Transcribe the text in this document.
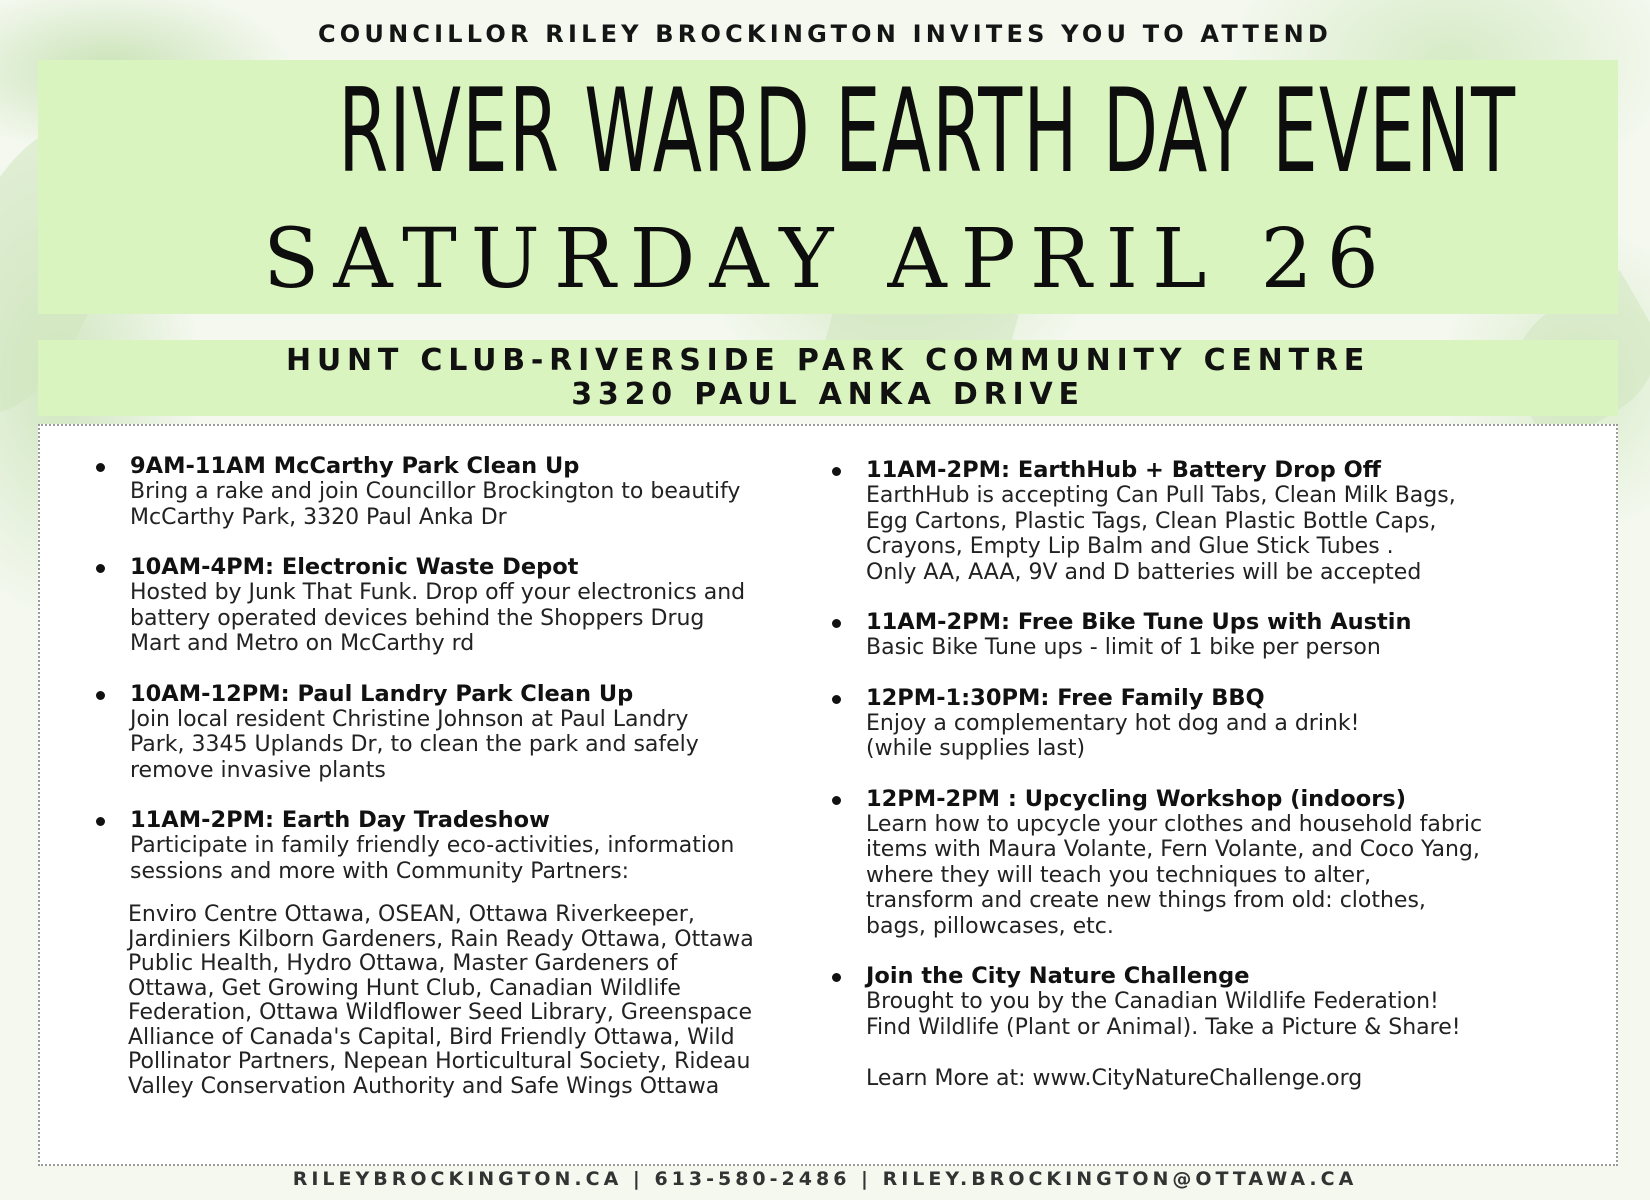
COUNCILLOR RILEY BROCKINGTON INVITES YOU TO ATTEND
RIVER WARD EARTH DAY EVENT
SATURDAY APRIL 26
HUNT CLUB-RIVERSIDE PARK COMMUNITY CENTRE
3320 PAUL ANKA DRIVE
9AM-11AM McCarthy Park Clean Up
Bring a rake and join Councillor Brockington to beautify
McCarthy Park, 3320 Paul Anka Dr
10AM-4PM: Electronic Waste Depot
Hosted by Junk That Funk. Drop off your electronics and
battery operated devices behind the Shoppers Drug
Mart and Metro on McCarthy rd
10AM-12PM: Paul Landry Park Clean Up
Join local resident Christine Johnson at Paul Landry
Park, 3345 Uplands Dr, to clean the park and safely
remove invasive plants
11AM-2PM: Earth Day Tradeshow
Participate in family friendly eco-activities, information
sessions and more with Community Partners:
Enviro Centre Ottawa, OSEAN, Ottawa Riverkeeper,
Jardiniers Kilborn Gardeners, Rain Ready Ottawa, Ottawa
Public Health, Hydro Ottawa, Master Gardeners of
Ottawa, Get Growing Hunt Club, Canadian Wildlife
Federation, Ottawa Wildflower Seed Library, Greenspace
Alliance of Canada's Capital, Bird Friendly Ottawa, Wild
Pollinator Partners, Nepean Horticultural Society, Rideau
Valley Conservation Authority and Safe Wings Ottawa
11AM-2PM: EarthHub + Battery Drop Off
EarthHub is accepting Can Pull Tabs, Clean Milk Bags,
Egg Cartons, Plastic Tags, Clean Plastic Bottle Caps,
Crayons, Empty Lip Balm and Glue Stick Tubes .
Only AA, AAA, 9V and D batteries will be accepted
11AM-2PM: Free Bike Tune Ups with Austin
Basic Bike Tune ups - limit of 1 bike per person
12PM-1:30PM: Free Family BBQ
Enjoy a complementary hot dog and a drink!
(while supplies last)
12PM-2PM : Upcycling Workshop (indoors)
Learn how to upcycle your clothes and household fabric
items with Maura Volante, Fern Volante, and Coco Yang,
where they will teach you techniques to alter,
transform and create new things from old: clothes,
bags, pillowcases, etc.
Join the City Nature Challenge
Brought to you by the Canadian Wildlife Federation!
Find Wildlife (Plant or Animal). Take a Picture & Share!

Learn More at: www.CityNatureChallenge.org
RILEYBROCKINGTON.CA | 613-580-2486 | RILEY.BROCKINGTON@OTTAWA.CA
